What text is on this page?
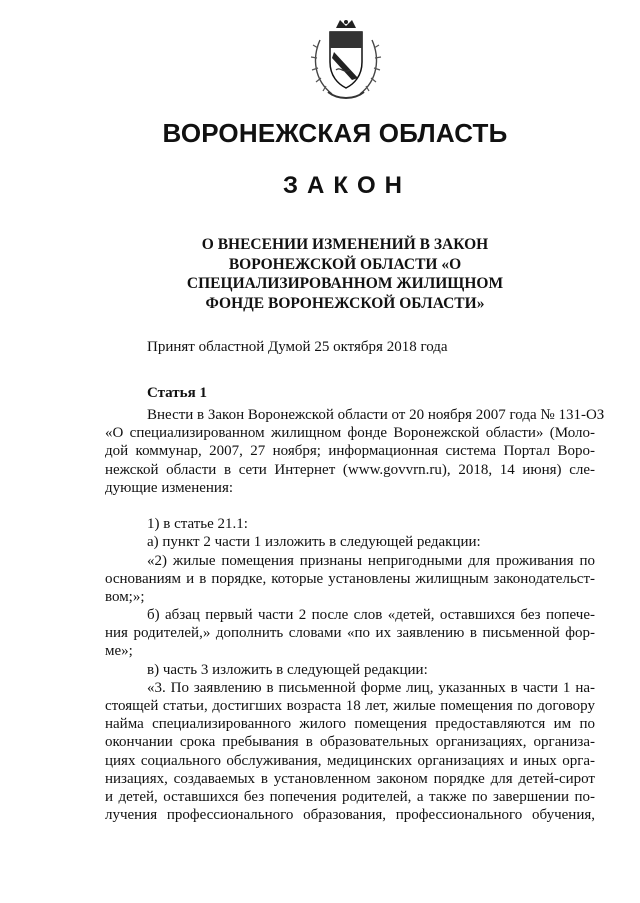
ВОРОНЕЖСКАЯ ОБЛАСТЬ
ЗАКОН
О ВНЕСЕНИИ ИЗМЕНЕНИЙ В ЗАКОН
ВОРОНЕЖСКОЙ ОБЛАСТИ «О
СПЕЦИАЛИЗИРОВАННОМ ЖИЛИЩНОМ
ФОНДЕ ВОРОНЕЖСКОЙ ОБЛАСТИ»
Принят областной Думой 25 октября 2018 года
Статья 1
Внести в Закон Воронежской области от 20 ноября 2007 года № 131-ОЗ
«О специализированном жилищном фонде Воронежской области» (Моло-
дой коммунар, 2007, 27 ноября; информационная система Портал Воро-
нежской области в сети Интернет (www.govvrn.ru), 2018, 14 июня) сле-
дующие изменения:
1) в статье 21.1:
а) пункт 2 части 1 изложить в следующей редакции:
«2) жилые помещения признаны непригодными для проживания по
основаниям и в порядке, которые установлены жилищным законодательст-
вом;»;
б) абзац первый части 2 после слов «детей, оставшихся без попече-
ния родителей,» дополнить словами «по их заявлению в письменной фор-
ме»;
в) часть 3 изложить в следующей редакции:
«3. По заявлению в письменной форме лиц, указанных в части 1 на-
стоящей статьи, достигших возраста 18 лет, жилые помещения по договору
найма специализированного жилого помещения предоставляются им по
окончании срока пребывания в образовательных организациях, организа-
циях социального обслуживания, медицинских организациях и иных орга-
низациях, создаваемых в установленном законом порядке для детей-сирот
и детей, оставшихся без попечения родителей, а также по завершении по-
лучения профессионального образования, профессионального обучения,
